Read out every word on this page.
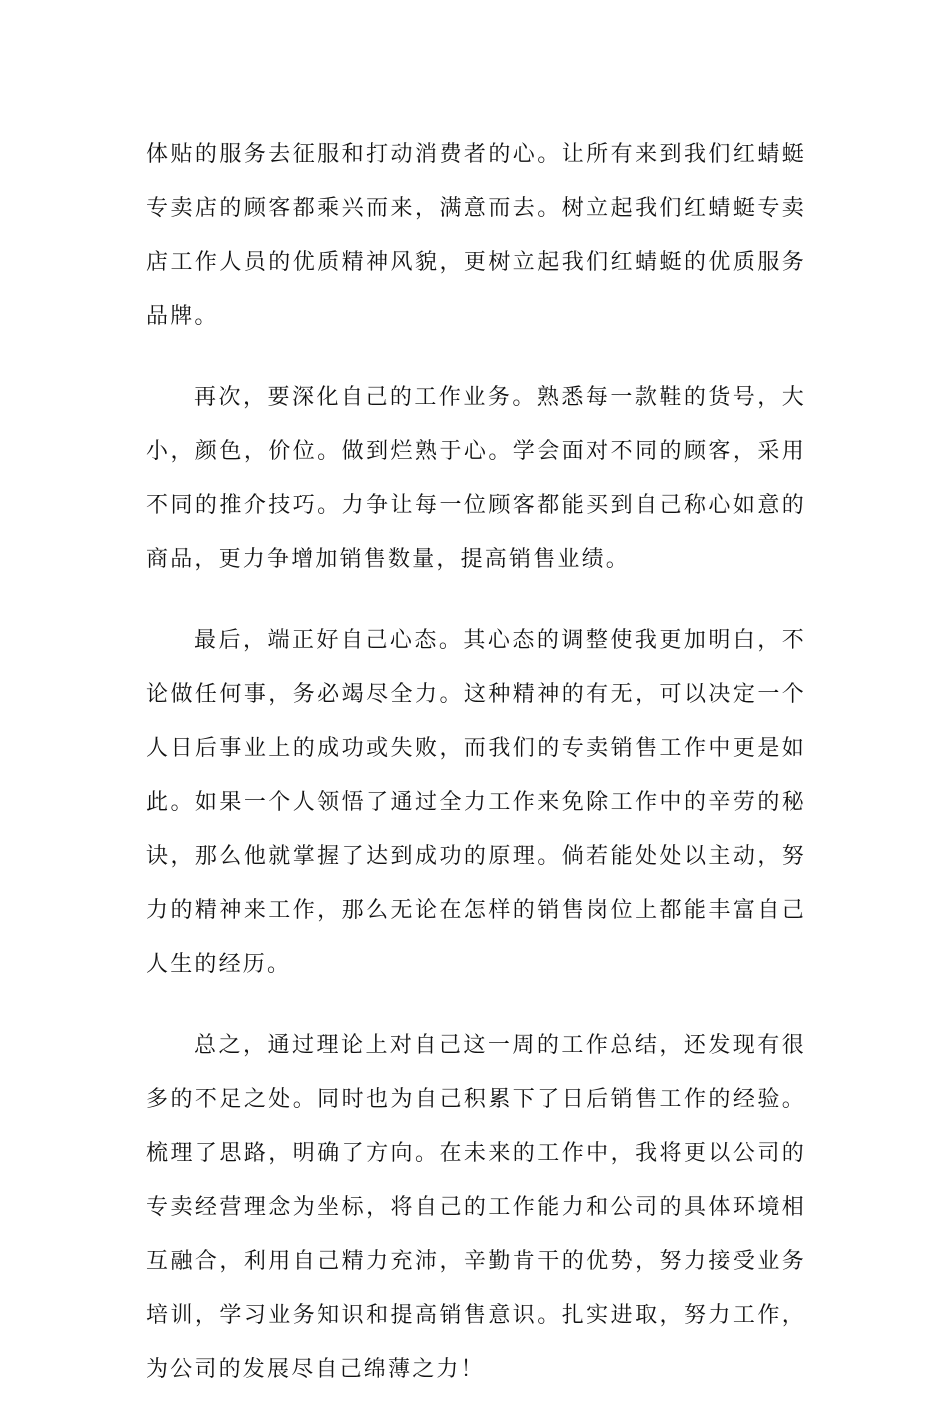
体贴的服务去征服和打动消费者的心。让所有来到我们红蜻蜓专卖店的顾客都乘兴而来，满意而去。树立起我们红蜻蜓专卖店工作人员的优质精神风貌，更树立起我们红蜻蜓的优质服务品牌。

再次，要深化自己的工作业务。熟悉每一款鞋的货号，大小，颜色，价位。做到烂熟于心。学会面对不同的顾客，采用不同的推介技巧。力争让每一位顾客都能买到自己称心如意的商品，更力争增加销售数量，提高销售业绩。

最后，端正好自己心态。其心态的调整使我更加明白，不论做任何事，务必竭尽全力。这种精神的有无，可以决定一个人日后事业上的成功或失败，而我们的专卖销售工作中更是如此。如果一个人领悟了通过全力工作来免除工作中的辛劳的秘诀，那么他就掌握了达到成功的原理。倘若能处处以主动，努力的精神来工作，那么无论在怎样的销售岗位上都能丰富自己人生的经历。

总之，通过理论上对自己这一周的工作总结，还发现有很多的不足之处。同时也为自己积累下了日后销售工作的经验。梳理了思路，明确了方向。在未来的工作中，我将更以公司的专卖经营理念为坐标，将自己的工作能力和公司的具体环境相互融合，利用自己精力充沛，辛勤肯干的优势，努力接受业务培训，学习业务知识和提高销售意识。扎实进取，努力工作，为公司的发展尽自己绵薄之力！
